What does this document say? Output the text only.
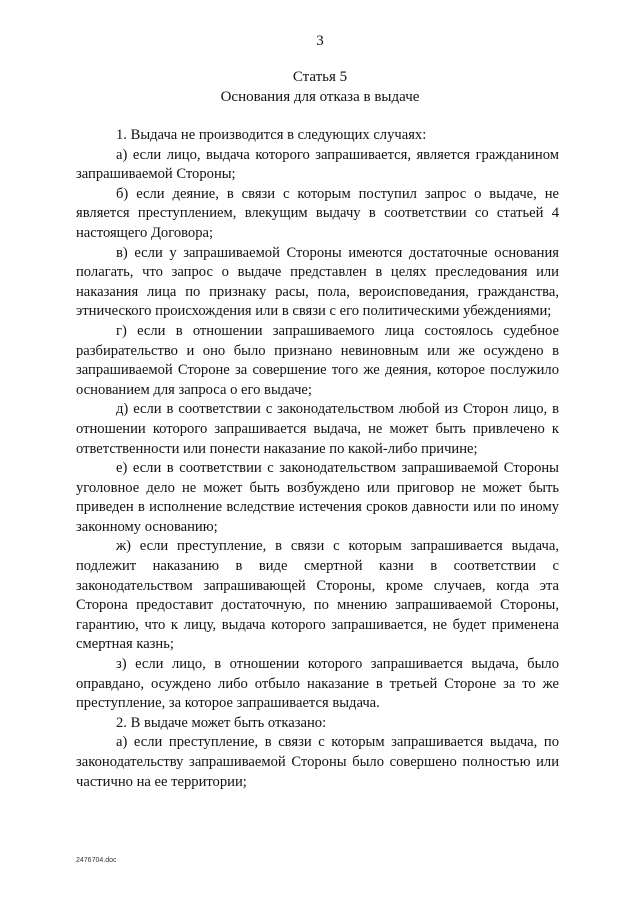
3
Статья 5
Основания для отказа в выдаче

1. Выдача не производится в следующих случаях:

а) если лицо, выдача которого запрашивается, является гражданином запрашиваемой Стороны;

б) если деяние, в связи с которым поступил запрос о выдаче, не является преступлением, влекущим выдачу в соответствии со статьей 4 настоящего Договора;

в) если у запрашиваемой Стороны имеются достаточные основания полагать, что запрос о выдаче представлен в целях преследования или наказания лица по признаку расы, пола, вероисповедания, гражданства, этнического происхождения или в связи с его политическими убеждениями;

г) если в отношении запрашиваемого лица состоялось судебное разбирательство и оно было признано невиновным или же осуждено в запрашиваемой Стороне за совершение того же деяния, которое послужило основанием для запроса о его выдаче;

д) если в соответствии с законодательством любой из Сторон лицо, в отношении которого запрашивается выдача, не может быть привлечено к ответственности или понести наказание по какой-либо причине;

е) если в соответствии с законодательством запрашиваемой Стороны уголовное дело не может быть возбуждено или приговор не может быть приведен в исполнение вследствие истечения сроков давности или по иному законному основанию;

ж) если преступление, в связи с которым запрашивается выдача, подлежит наказанию в виде смертной казни в соответствии с законодательством запрашивающей Стороны, кроме случаев, когда эта Сторона предоставит достаточную, по мнению запрашиваемой Стороны, гарантию, что к лицу, выдача которого запрашивается, не будет применена смертная казнь;

з) если лицо, в отношении которого запрашивается выдача, было оправдано, осуждено либо отбыло наказание в третьей Стороне за то же преступление, за которое запрашивается выдача.

2. В выдаче может быть отказано:

а) если преступление, в связи с которым запрашивается выдача, по законодательству запрашиваемой Стороны было совершено полностью или частично на ее территории;

2476704.doc
